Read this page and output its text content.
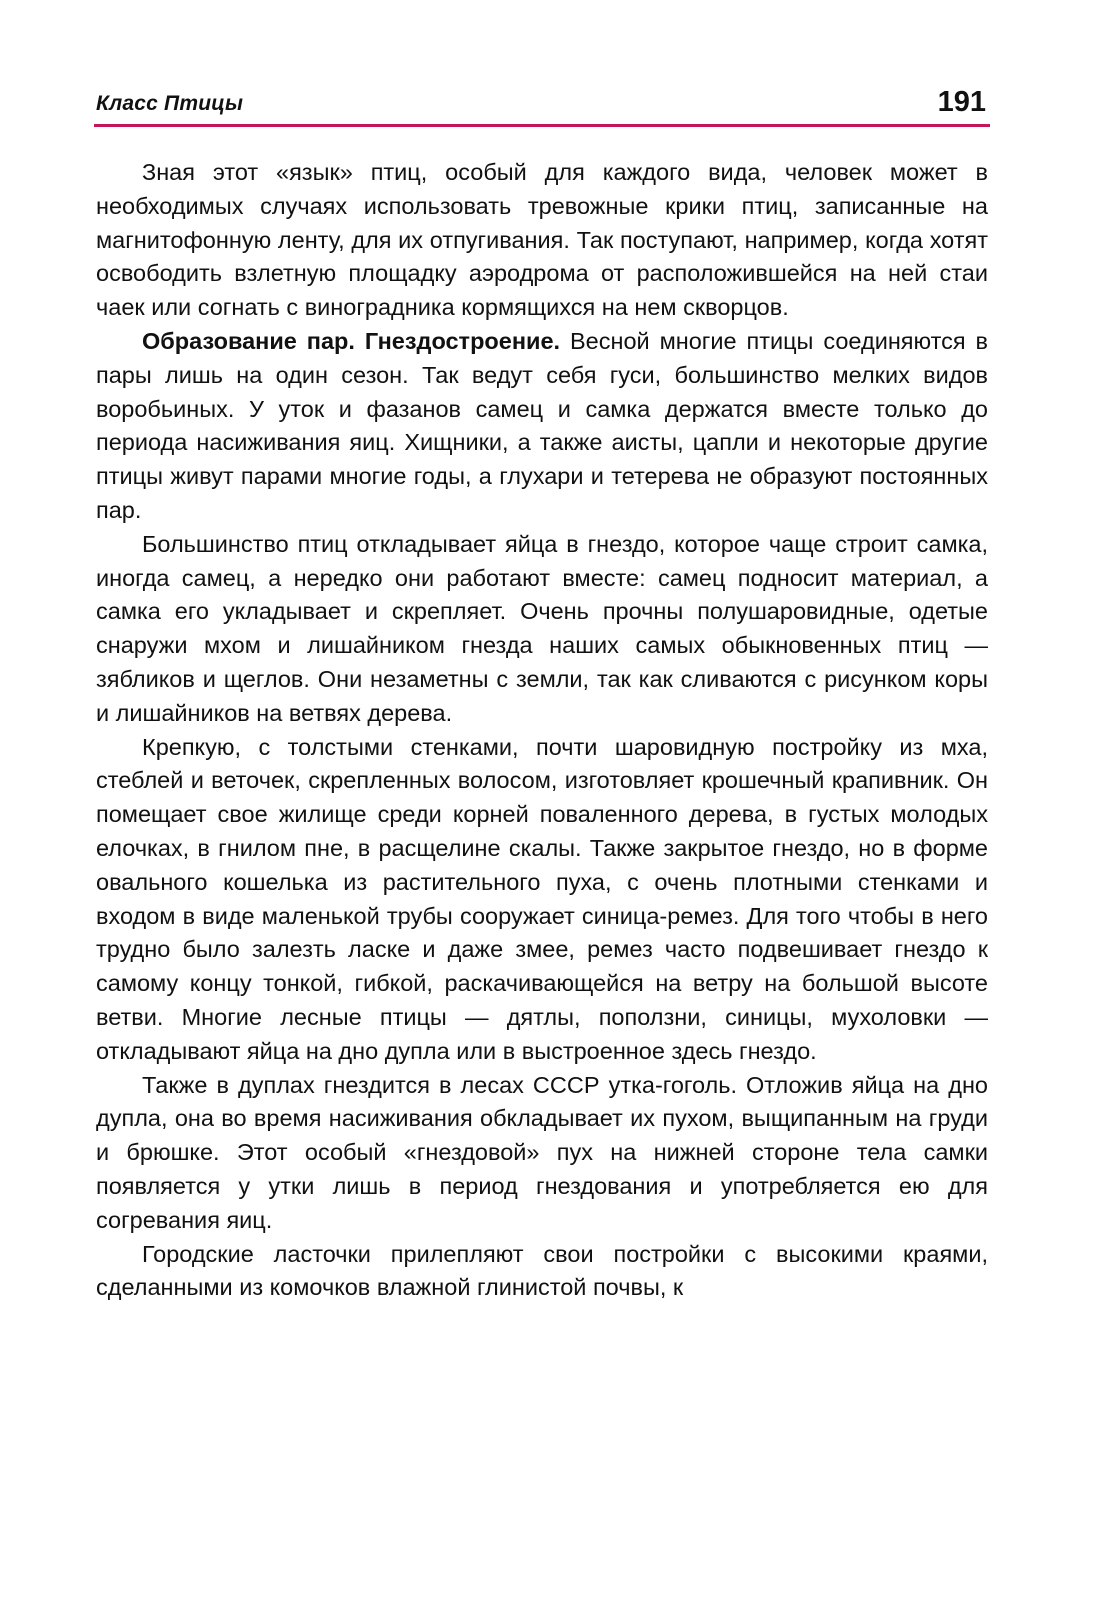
Класс Птицы	191

Зная этот «язык» птиц, особый для каждого вида, человек может в необходимых случаях использовать тревожные крики птиц, записанные на магнитофонную ленту, для их отпугивания. Так поступают, например, когда хотят освободить взлетную площадку аэродрома от расположившейся на ней стаи чаек или согнать с виноградника кормящихся на нем скворцов.

Образование пар. Гнездостроение. Весной многие птицы соединяются в пары лишь на один сезон. Так ведут себя гуси, большинство мелких видов воробьиных. У уток и фазанов самец и самка держатся вместе только до периода насиживания яиц. Хищники, а также аисты, цапли и некоторые другие птицы живут парами многие годы, а глухари и тетерева не образуют постоянных пар.

Большинство птиц откладывает яйца в гнездо, которое чаще строит самка, иногда самец, а нередко они работают вместе: самец подносит материал, а самка его укладывает и скрепляет. Очень прочны полушаровидные, одетые снаружи мхом и лишайником гнезда наших самых обыкновенных птиц — зябликов и щеглов. Они незаметны с земли, так как сливаются с рисунком коры и лишайников на ветвях дерева.

Крепкую, с толстыми стенками, почти шаровидную постройку из мха, стеблей и веточек, скрепленных волосом, изготовляет крошечный крапивник. Он помещает свое жилище среди корней поваленного дерева, в густых молодых елочках, в гнилом пне, в расщелине скалы. Также закрытое гнездо, но в форме овального кошелька из растительного пуха, с очень плотными стенками и входом в виде маленькой трубы сооружает синица-ремез. Для того чтобы в него трудно было залезть ласке и даже змее, ремез часто подвешивает гнездо к самому концу тонкой, гибкой, раскачивающейся на ветру на большой высоте ветви. Многие лесные птицы — дятлы, поползни, синицы, мухоловки — откладывают яйца на дно дупла или в выстроенное здесь гнездо.

Также в дуплах гнездится в лесах СССР утка-гоголь. Отложив яйца на дно дупла, она во время насиживания обкладывает их пухом, выщипанным на груди и брюшке. Этот особый «гнездовой» пух на нижней стороне тела самки появляется у утки лишь в период гнездования и употребляется ею для согревания яиц.

Городские ласточки прилепляют свои постройки с высокими краями, сделанными из комочков влажной глинистой почвы, к
